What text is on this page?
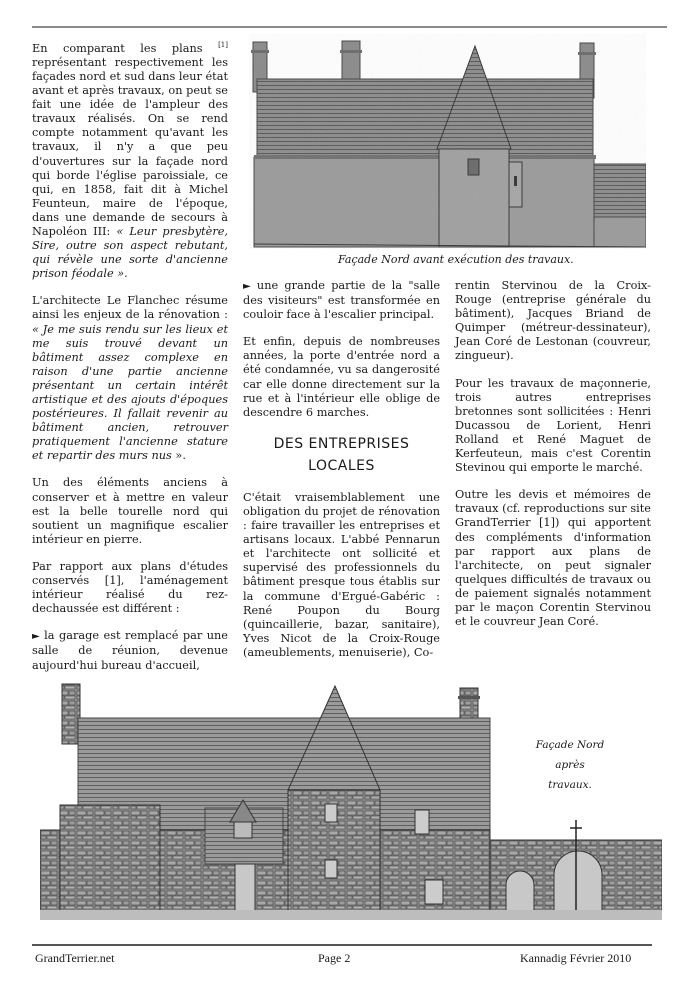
En comparant les plans [1] représentant respectivement les façades nord et sud dans leur état avant et après travaux, on peut se fait une idée de l'ampleur des travaux réalisés. On se rend compte notamment qu'avant les travaux, il n'y a que peu d'ouvertures sur la façade nord qui borde l'église paroissiale, ce qui, en 1858, fait dit à Michel Feunteun, maire de l'époque, dans une demande de secours à Napoléon III: « Leur presbytère, Sire, outre son aspect rebutant, qui révèle une sorte d'ancienne prison féodale ».

L'architecte Le Flanchec résume ainsi les enjeux de la rénovation : « Je me suis rendu sur les lieux et me suis trouvé devant un bâtiment assez complexe en raison d'une partie ancienne présentant un certain intérêt artistique et des ajouts d'époques postérieures. Il fallait revenir au bâtiment ancien, retrouver pratiquement l'ancienne stature et repartir des murs nus ».

Un des éléments anciens à conserver et à mettre en valeur est la belle tourelle nord qui soutient un magnifique escalier intérieur en pierre.

Par rapport aux plans d'études conservés [1], l'aménagement intérieur réalisé du rez-dechaussée est différent :

► la garage est remplacé par une salle de réunion, devenue aujourd'hui bureau d'accueil,

Façade Nord avant exécution des travaux.

► une grande partie de la "salle des visiteurs" est transformée en couloir face à l'escalier principal.

Et enfin, depuis de nombreuses années, la porte d'entrée nord a été condamnée, vu sa dangerosité car elle donne directement sur la rue et à l'intérieur elle oblige de descendre 6 marches.

DES ENTREPRISES
LOCALES

C'était vraisemblablement une obligation du projet de rénovation : faire travailler les entreprises et artisans locaux. L'abbé Pennarun et l'architecte ont sollicité et supervisé des professionnels du bâtiment presque tous établis sur la commune d'Ergué-Gabéric : René Poupon du Bourg (quincaillerie, bazar, sanitaire), Yves Nicot de la Croix-Rouge (ameublements, menuiserie), Co-

rentin Stervinou de la Croix-Rouge (entreprise générale du bâtiment), Jacques Briand de Quimper (métreur-dessinateur), Jean Coré de Lestonan (couvreur, zingueur).

Pour les travaux de maçonnerie, trois autres entreprises bretonnes sont sollicitées : Henri Ducassou de Lorient, Henri Rolland et René Maguet de Kerfeuteun, mais c'est Corentin Stevinou qui emporte le marché.

Outre les devis et mémoires de travaux (cf. reproductions sur site GrandTerrier [1]) qui apportent des compléments d'information par rapport aux plans de l'architecte, on peut signaler quelques difficultés de travaux ou de paiement signalés notamment par le maçon Corentin Stervinou et le couvreur Jean Coré.

Façade Nord après
travaux.
GrandTerrier.net	Page 2	Kannadig Février 2010
